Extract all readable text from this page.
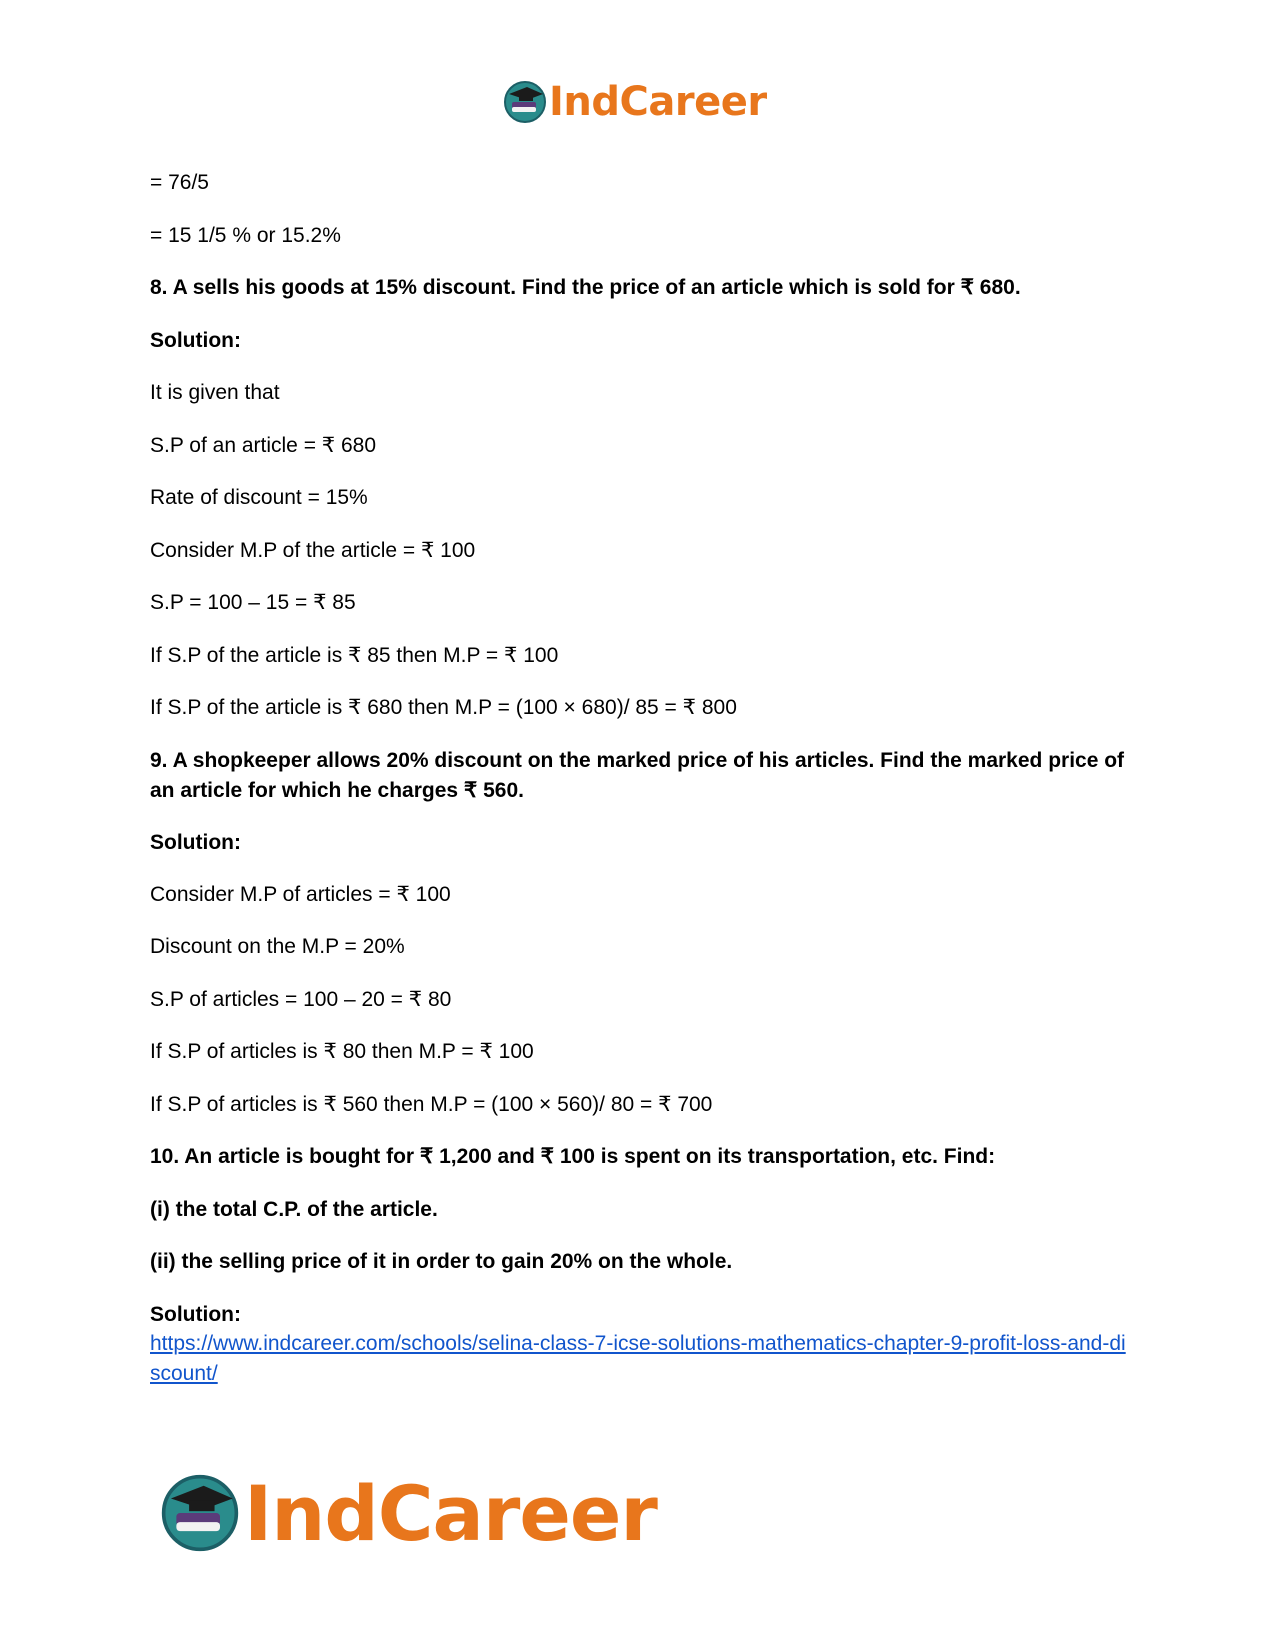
IndCareer
= 76/5
= 15 1/5 % or 15.2%
8. A sells his goods at 15% discount. Find the price of an article which is sold for ₹ 680.
Solution:
It is given that
S.P of an article = ₹ 680
Rate of discount = 15%
Consider M.P of the article = ₹ 100
S.P = 100 – 15 = ₹ 85
If S.P of the article is ₹ 85 then M.P = ₹ 100
If S.P of the article is ₹ 680 then M.P = (100 × 680)/ 85 = ₹ 800
9. A shopkeeper allows 20% discount on the marked price of his articles. Find the marked price of an article for which he charges ₹ 560.
Solution:
Consider M.P of articles = ₹ 100
Discount on the M.P = 20%
S.P of articles = 100 – 20 = ₹ 80
If S.P of articles is ₹ 80 then M.P = ₹ 100
If S.P of articles is ₹ 560 then M.P = (100 × 560)/ 80 = ₹ 700
10. An article is bought for ₹ 1,200 and ₹ 100 is spent on its transportation, etc. Find:
(i) the total C.P. of the article.
(ii) the selling price of it in order to gain 20% on the whole.
Solution:
https://www.indcareer.com/schools/selina-class-7-icse-solutions-mathematics-chapter-9-profit-loss-and-discount/
IndCareer
